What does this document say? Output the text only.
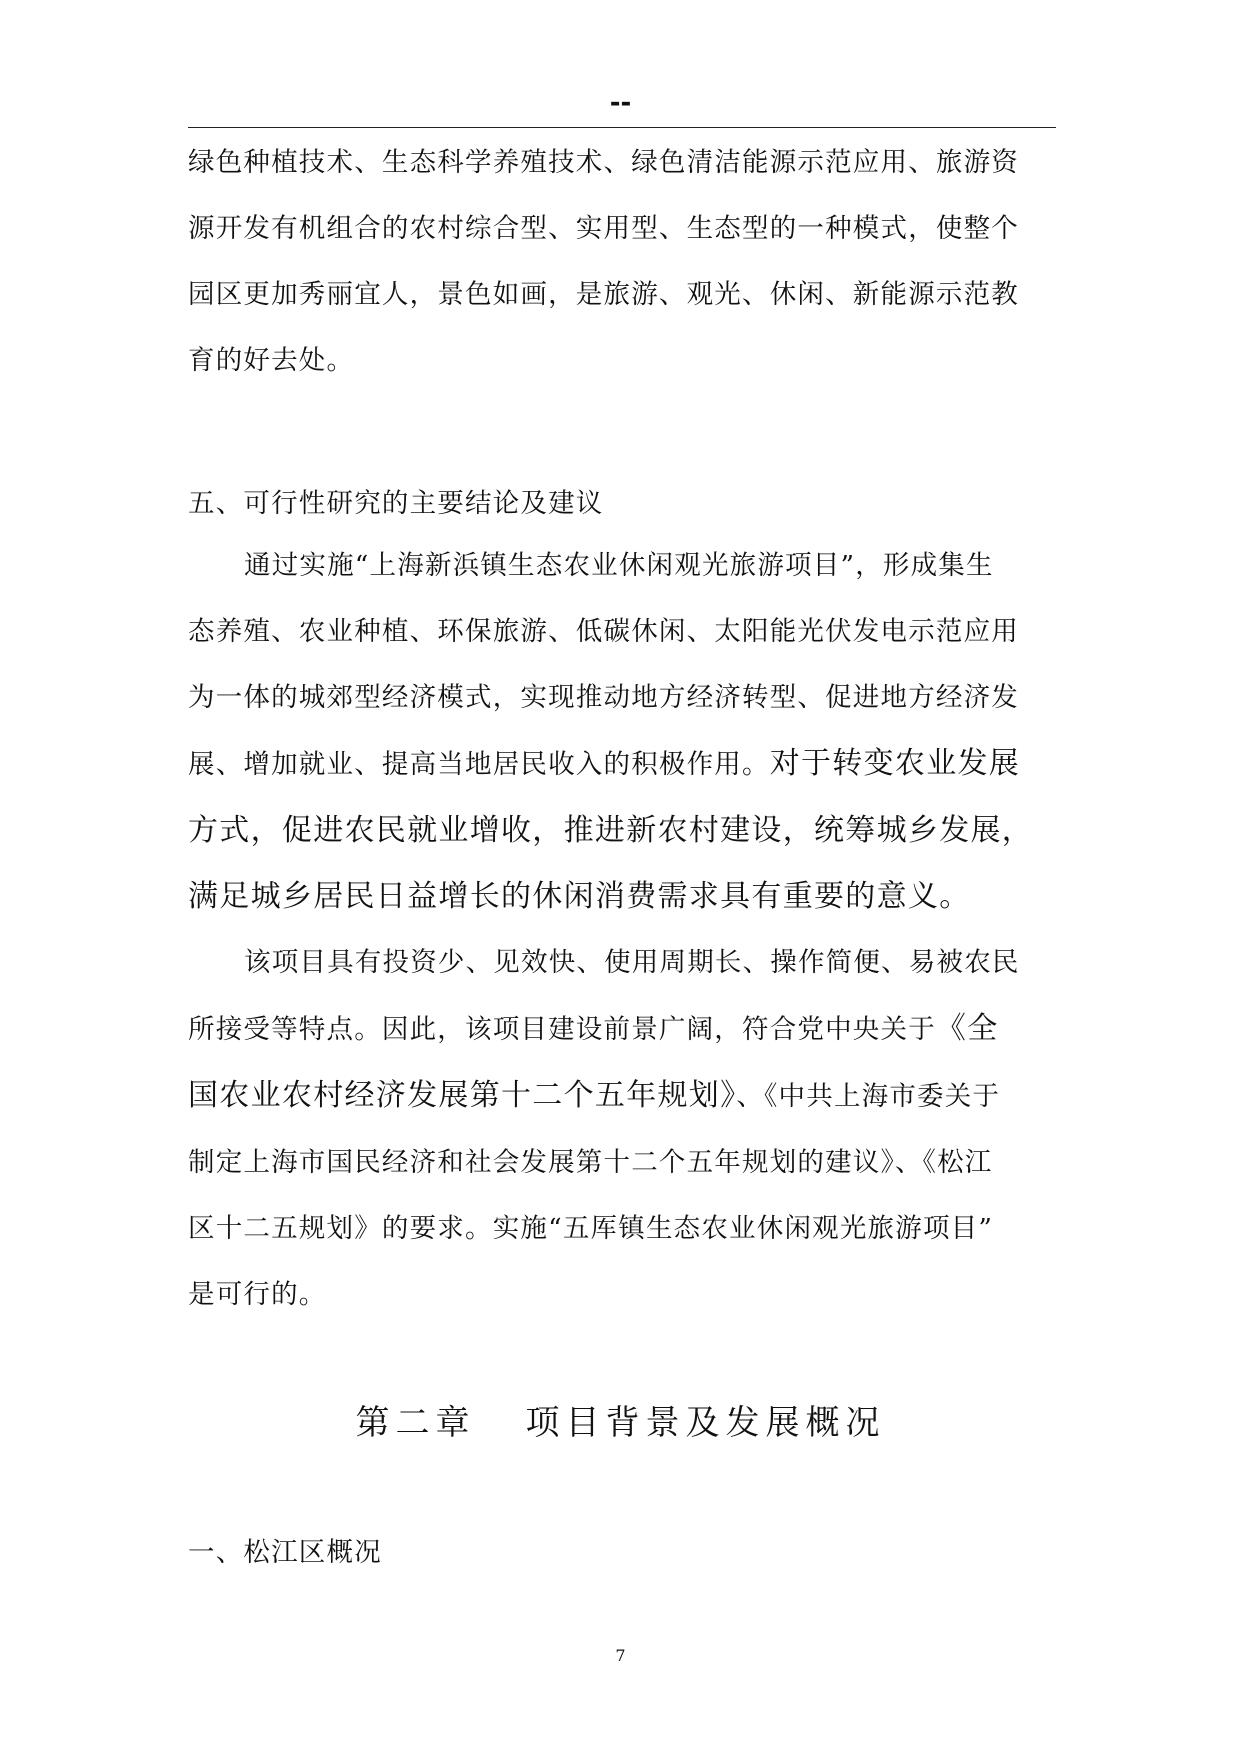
--
绿色种植技术、生态科学养殖技术、绿色清洁能源示范应用、旅游资
源开发有机组合的农村综合型、实用型、生态型的一种模式，使整个
园区更加秀丽宜人，景色如画，是旅游、观光、休闲、新能源示范教
育的好去处。
五、可行性研究的主要结论及建议
通过实施“上海新浜镇生态农业休闲观光旅游项目”，形成集生
态养殖、农业种植、环保旅游、低碳休闲、太阳能光伏发电示范应用
为一体的城郊型经济模式，实现推动地方经济转型、促进地方经济发
展、增加就业、提高当地居民收入的积极作用。对于转变农业发展
方式，促进农民就业增收，推进新农村建设，统筹城乡发展，
满足城乡居民日益增长的休闲消费需求具有重要的意义。
该项目具有投资少、见效快、使用周期长、操作简便、易被农民
所接受等特点。因此，该项目建设前景广阔，符合党中央关于《全
国农业农村经济发展第十二个五年规划》、《中共上海市委关于
制定上海市国民经济和社会发展第十二个五年规划的建议》、《松江
区十二五规划》的要求。实施“五厍镇生态农业休闲观光旅游项目”
是可行的。
第二章 项目背景及发展概况
一、松江区概况
7
